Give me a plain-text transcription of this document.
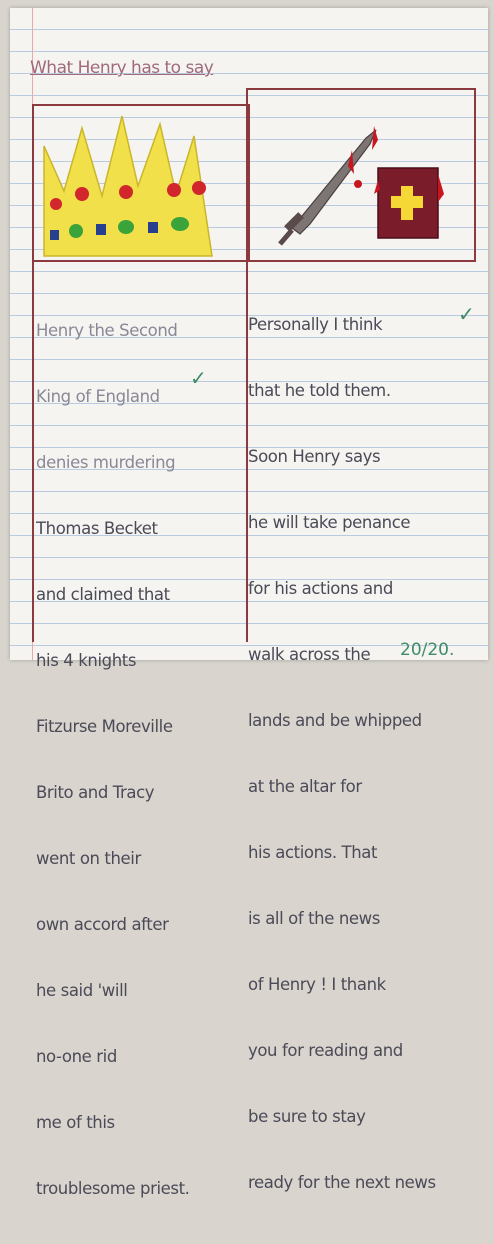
What Henry has to say

Henry the Second

King of England

denies murdering

Thomas Becket

and claimed that

his 4 knights

Fitzurse Moreville

Brito and Tracy

went on their

own accord after

he said 'will

no-one rid

me of this

troublesome priest.

Personally I think

that he told them.

Soon Henry says

he will take penance

for his actions and

walk across the

lands and be whipped

at the altar for

his actions. That

is all of the news

of Henry ! I thank

you for reading and

be sure to stay

ready for the next news

✓
✓
20/20.
